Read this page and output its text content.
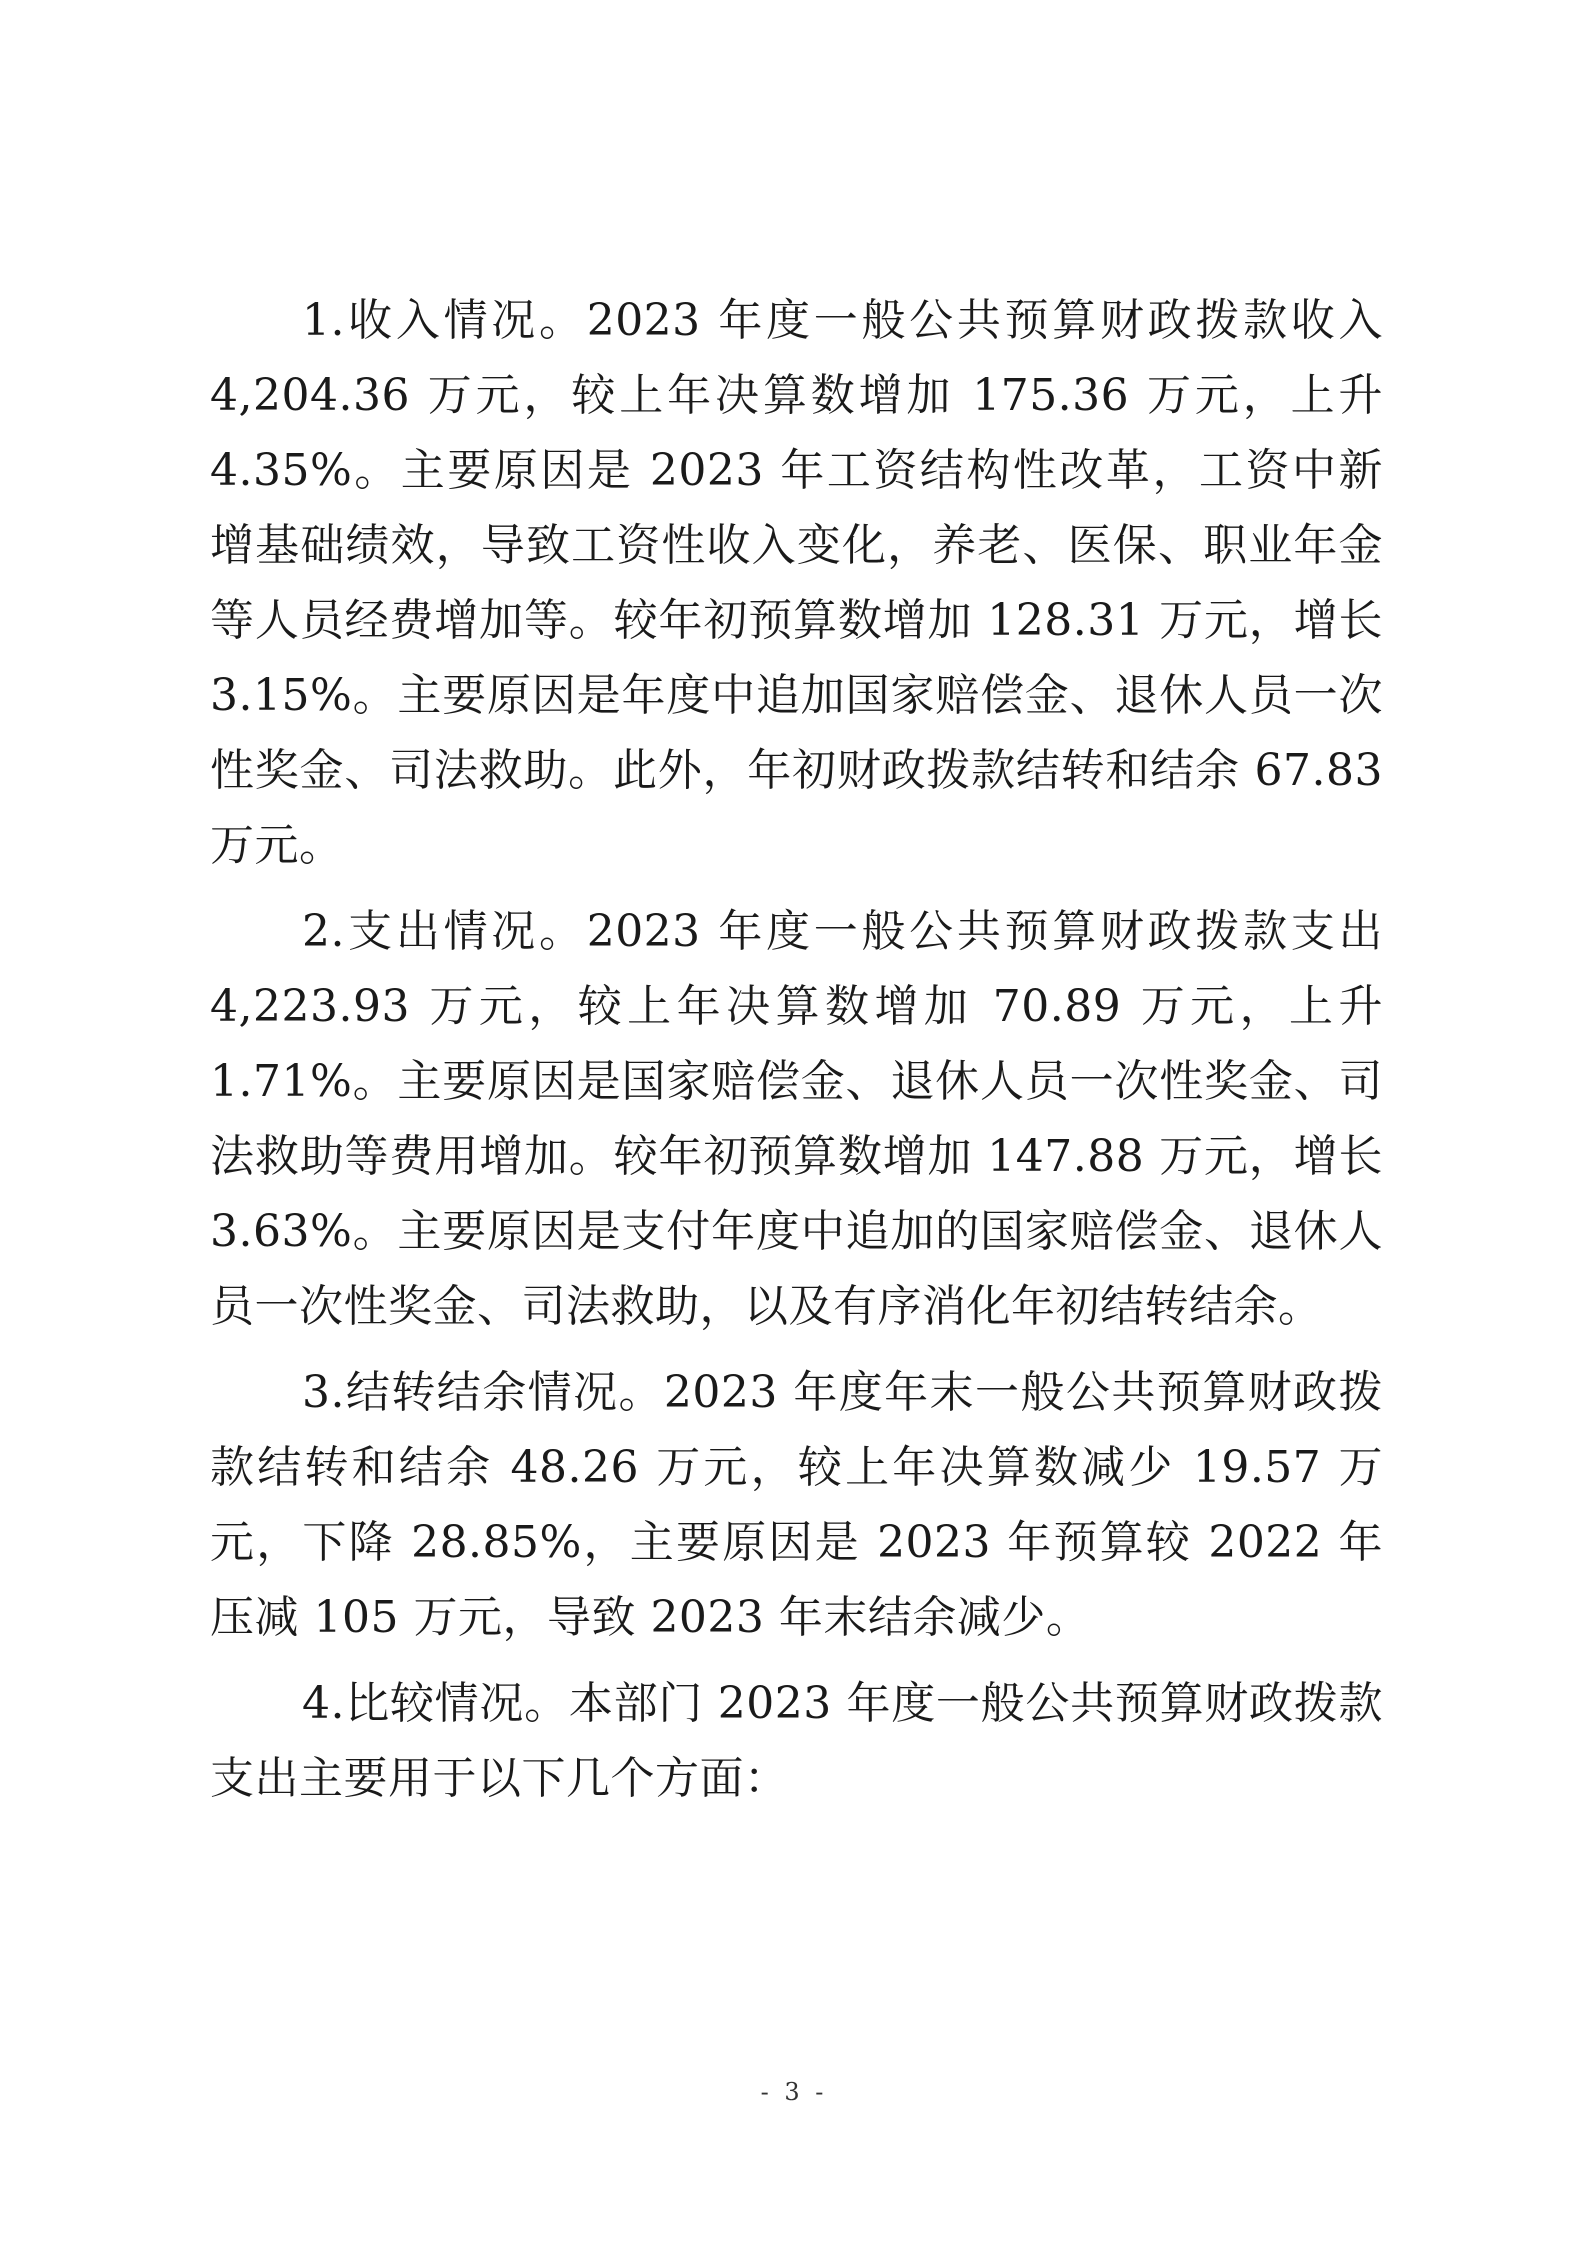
1.收入情况。2023 年度一般公共预算财政拨款收入 4,204.36 万元，较上年决算数增加 175.36 万元，上升 4.35%。主要原因是 2023 年工资结构性改革，工资中新增基础绩效，导致工资性收入变化，养老、医保、职业年金等人员经费增加等。较年初预算数增加 128.31 万元，增长 3.15%。主要原因是年度中追加国家赔偿金、退休人员一次性奖金、司法救助。此外，年初财政拨款结转和结余 67.83 万元。

2.支出情况。2023 年度一般公共预算财政拨款支出 4,223.93 万元，较上年决算数增加 70.89 万元，上升 1.71%。主要原因是国家赔偿金、退休人员一次性奖金、司法救助等费用增加。较年初预算数增加 147.88 万元，增长 3.63%。主要原因是支付年度中追加的国家赔偿金、退休人员一次性奖金、司法救助，以及有序消化年初结转结余。

3.结转结余情况。2023 年度年末一般公共预算财政拨款结转和结余 48.26 万元，较上年决算数减少 19.57 万元，下降 28.85%，主要原因是 2023 年预算较 2022 年压减 105 万元，导致 2023 年末结余减少。

4.比较情况。本部门 2023 年度一般公共预算财政拨款支出主要用于以下几个方面：

- 3 -
